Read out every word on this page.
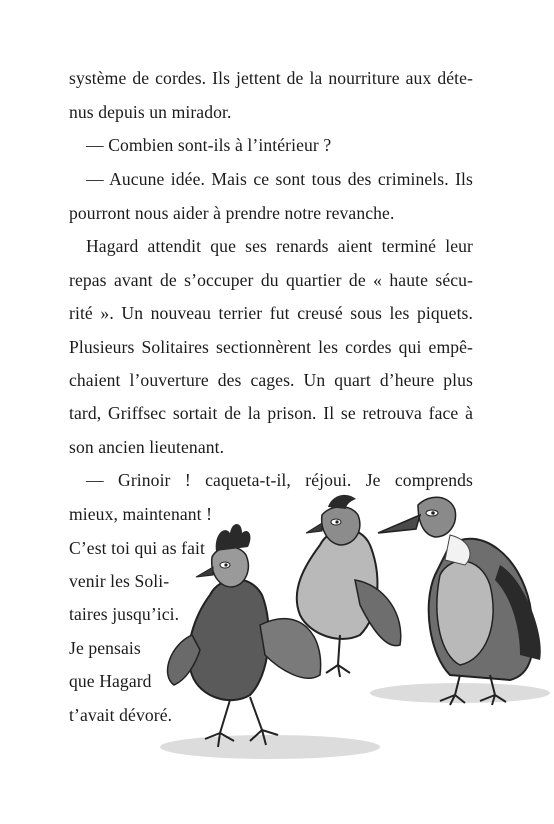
système de cordes. Ils jettent de la nourriture aux déte-
nus depuis un mirador.
— Combien sont-ils à l’intérieur ?
— Aucune idée. Mais ce sont tous des criminels. Ils
pourront nous aider à prendre notre revanche.
Hagard attendit que ses renards aient terminé leur
repas avant de s’occuper du quartier de « haute sécu-
rité ». Un nouveau terrier fut creusé sous les piquets.
Plusieurs Solitaires sectionnèrent les cordes qui empê-
chaient l’ouverture des cages. Un quart d’heure plus
tard, Griffsec sortait de la prison. Il se retrouva face à
son ancien lieutenant.
— Grinoir ! caqueta-t-il, réjoui. Je comprends
mieux, maintenant !
C’est toi qui as fait
venir les Soli-
taires jusqu’ici.
Je pensais
que Hagard
t’avait dévoré.
